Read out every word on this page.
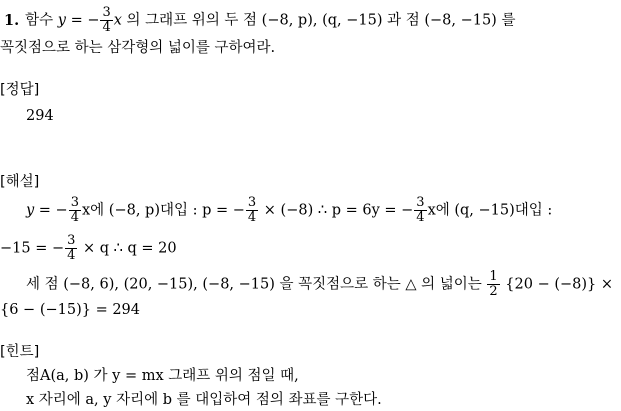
1. 함수 y = − $\frac{3}{4}$ x 의 그래프 위의 두 점 (−8, p), (q, −15) 과 점 (−8, −15) 를
꼭짓점으로 하는 삼각형의 넓이를 구하여라.
[정답]
294
[해설]
y = − $\frac{3}{4}$ x에 (−8, p)대입 : p = − $\frac{3}{4} \times (-8)$ ∴ p = 6y = − $\frac{3}{4}$ x에 (q, −15)대입 :
−15 = − $\frac{3}{4} \times q$ ∴ q = 20
세 점 (−8, 6), (20, −15), (−8, −15) 을 꼭짓점으로 하는 △ 의 넓이는 $\frac{1}{2} \{20 - (-8)\}$ ×
{6 − (−15)} = 294
[힌트]
점A(a, b) 가 y = mx 그래프 위의 점일 때,
x 자리에 a, y 자리에 b 를 대입하여 점의 좌표를 구한다.
